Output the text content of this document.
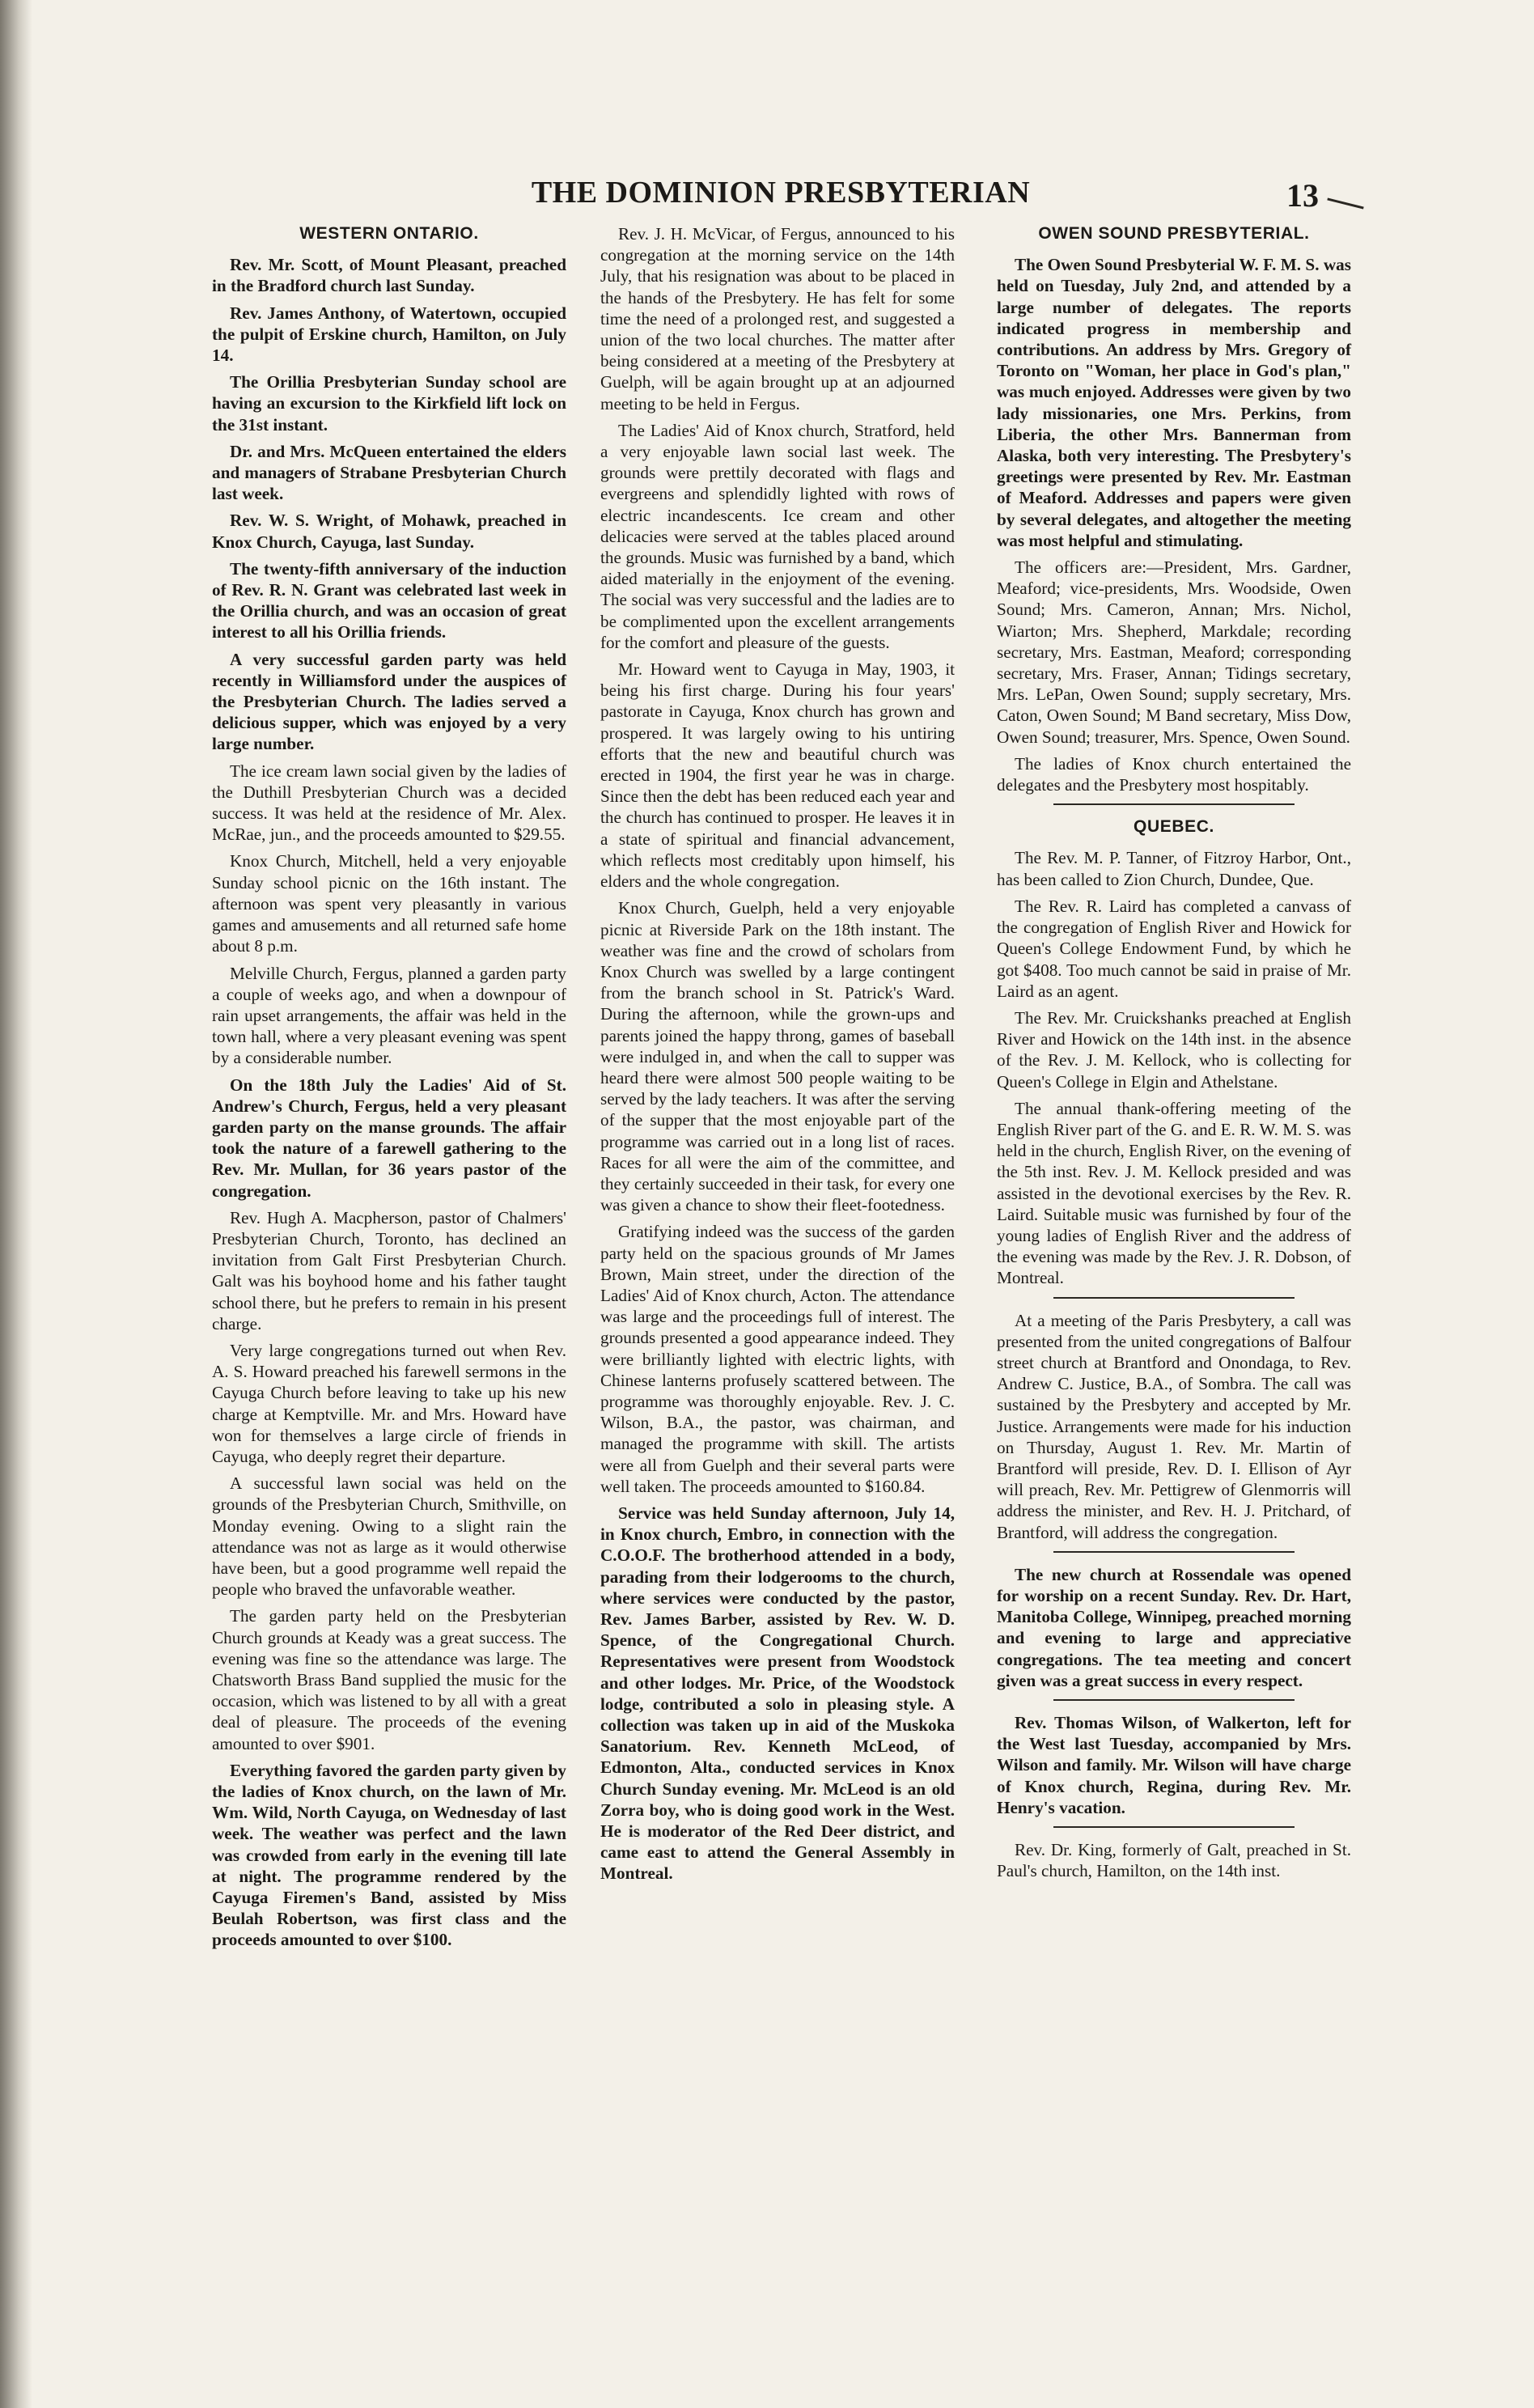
THE DOMINION PRESBYTERIAN	13
WESTERN ONTARIO.

Rev. Mr. Scott, of Mount Pleasant, preached in the Bradford church last Sunday.

Rev. James Anthony, of Watertown, occupied the pulpit of Erskine church, Hamilton, on July 14.

The Orillia Presbyterian Sunday school are having an excursion to the Kirkfield lift lock on the 31st instant.

Dr. and Mrs. McQueen entertained the elders and managers of Strabane Presbyterian Church last week.

Rev. W. S. Wright, of Mohawk, preached in Knox Church, Cayuga, last Sunday.

The twenty-fifth anniversary of the induction of Rev. R. N. Grant was celebrated last week in the Orillia church, and was an occasion of great interest to all his Orillia friends.

A very successful garden party was held recently in Williamsford under the auspices of the Presbyterian Church. The ladies served a delicious supper, which was enjoyed by a very large number.

The ice cream lawn social given by the ladies of the Duthill Presbyterian Church was a decided success. It was held at the residence of Mr. Alex. McRae, jun., and the proceeds amounted to $29.55.

Knox Church, Mitchell, held a very enjoyable Sunday school picnic on the 16th instant. The afternoon was spent very pleasantly in various games and amusements and all returned safe home about 8 p.m.

Melville Church, Fergus, planned a garden party a couple of weeks ago, and when a downpour of rain upset arrangements, the affair was held in the town hall, where a very pleasant evening was spent by a considerable number.

On the 18th July the Ladies' Aid of St. Andrew's Church, Fergus, held a very pleasant garden party on the manse grounds. The affair took the nature of a farewell gathering to the Rev. Mr. Mullan, for 36 years pastor of the congregation.

Rev. Hugh A. Macpherson, pastor of Chalmers' Presbyterian Church, Toronto, has declined an invitation from Galt First Presbyterian Church. Galt was his boyhood home and his father taught school there, but he prefers to remain in his present charge.

Very large congregations turned out when Rev. A. S. Howard preached his farewell sermons in the Cayuga Church before leaving to take up his new charge at Kemptville. Mr. and Mrs. Howard have won for themselves a large circle of friends in Cayuga, who deeply regret their departure.

A successful lawn social was held on the grounds of the Presbyterian Church, Smithville, on Monday evening. Owing to a slight rain the attendance was not as large as it would otherwise have been, but a good programme well repaid the people who braved the unfavorable weather.

The garden party held on the Presbyterian Church grounds at Keady was a great success. The evening was fine so the attendance was large. The Chatsworth Brass Band supplied the music for the occasion, which was listened to by all with a great deal of pleasure. The proceeds of the evening amounted to over $901.

Everything favored the garden party given by the ladies of Knox church, on the lawn of Mr. Wm. Wild, North Cayuga, on Wednesday of last week. The weather was perfect and the lawn was crowded from early in the evening till late at night. The programme rendered by the Cayuga Firemen's Band, assisted by Miss Beulah Robertson, was first class and the proceeds amounted to over $100.

Rev. J. H. McVicar, of Fergus, announced to his congregation at the morning service on the 14th July, that his resignation was about to be placed in the hands of the Presbytery. He has felt for some time the need of a prolonged rest, and suggested a union of the two local churches. The matter after being considered at a meeting of the Presbytery at Guelph, will be again brought up at an adjourned meeting to be held in Fergus.

The Ladies' Aid of Knox church, Stratford, held a very enjoyable lawn social last week. The grounds were prettily decorated with flags and evergreens and splendidly lighted with rows of electric incandescents. Ice cream and other delicacies were served at the tables placed around the grounds. Music was furnished by a band, which aided materially in the enjoyment of the evening. The social was very successful and the ladies are to be complimented upon the excellent arrangements for the comfort and pleasure of the guests.

Mr. Howard went to Cayuga in May, 1903, it being his first charge. During his four years' pastorate in Cayuga, Knox church has grown and prospered. It was largely owing to his untiring efforts that the new and beautiful church was erected in 1904, the first year he was in charge. Since then the debt has been reduced each year and the church has continued to prosper. He leaves it in a state of spiritual and financial advancement, which reflects most creditably upon himself, his elders and the whole congregation.

Knox Church, Guelph, held a very enjoyable picnic at Riverside Park on the 18th instant. The weather was fine and the crowd of scholars from Knox Church was swelled by a large contingent from the branch school in St. Patrick's Ward. During the afternoon, while the grown-ups and parents joined the happy throng, games of baseball were indulged in, and when the call to supper was heard there were almost 500 people waiting to be served by the lady teachers. It was after the serving of the supper that the most enjoyable part of the programme was carried out in a long list of races. Races for all were the aim of the committee, and they certainly succeeded in their task, for every one was given a chance to show their fleet-footedness.

Gratifying indeed was the success of the garden party held on the spacious grounds of Mr James Brown, Main street, under the direction of the Ladies' Aid of Knox church, Acton. The attendance was large and the proceedings full of interest. The grounds presented a good appearance indeed. They were brilliantly lighted with electric lights, with Chinese lanterns profusely scattered between. The programme was thoroughly enjoyable. Rev. J. C. Wilson, B.A., the pastor, was chairman, and managed the programme with skill. The artists were all from Guelph and their several parts were well taken. The proceeds amounted to $160.84.

Service was held Sunday afternoon, July 14, in Knox church, Embro, in connection with the C.O.O.F. The brotherhood attended in a body, parading from their lodgerooms to the church, where services were conducted by the pastor, Rev. James Barber, assisted by Rev. W. D. Spence, of the Congregational Church. Representatives were present from Woodstock and other lodges. Mr. Price, of the Woodstock lodge, contributed a solo in pleasing style. A collection was taken up in aid of the Muskoka Sanatorium. Rev. Kenneth McLeod, of Edmonton, Alta., conducted services in Knox Church Sunday evening. Mr. McLeod is an old Zorra boy, who is doing good work in the West. He is moderator of the Red Deer district, and came east to attend the General Assembly in Montreal.

OWEN SOUND PRESBYTERIAL.

The Owen Sound Presbyterial W. F. M. S. was held on Tuesday, July 2nd, and attended by a large number of delegates. The reports indicated progress in membership and contributions. An address by Mrs. Gregory of Toronto on "Woman, her place in God's plan," was much enjoyed. Addresses were given by two lady missionaries, one Mrs. Perkins, from Liberia, the other Mrs. Bannerman from Alaska, both very interesting. The Presbytery's greetings were presented by Rev. Mr. Eastman of Meaford. Addresses and papers were given by several delegates, and altogether the meeting was most helpful and stimulating.

The officers are:—President, Mrs. Gardner, Meaford; vice-presidents, Mrs. Woodside, Owen Sound; Mrs. Cameron, Annan; Mrs. Nichol, Wiarton; Mrs. Shepherd, Markdale; recording secretary, Mrs. Eastman, Meaford; corresponding secretary, Mrs. Fraser, Annan; Tidings secretary, Mrs. LePan, Owen Sound; supply secretary, Mrs. Caton, Owen Sound; M Band secretary, Miss Dow, Owen Sound; treasurer, Mrs. Spence, Owen Sound.

The ladies of Knox church entertained the delegates and the Presbytery most hospitably.

QUEBEC.

The Rev. M. P. Tanner, of Fitzroy Harbor, Ont., has been called to Zion Church, Dundee, Que.

The Rev. R. Laird has completed a canvass of the congregation of English River and Howick for Queen's College Endowment Fund, by which he got $408. Too much cannot be said in praise of Mr. Laird as an agent.

The Rev. Mr. Cruickshanks preached at English River and Howick on the 14th inst. in the absence of the Rev. J. M. Kellock, who is collecting for Queen's College in Elgin and Athelstane.

The annual thank-offering meeting of the English River part of the G. and E. R. W. M. S. was held in the church, English River, on the evening of the 5th inst. Rev. J. M. Kellock presided and was assisted in the devotional exercises by the Rev. R. Laird. Suitable music was furnished by four of the young ladies of English River and the address of the evening was made by the Rev. J. R. Dobson, of Montreal.

At a meeting of the Paris Presbytery, a call was presented from the united congregations of Balfour street church at Brantford and Onondaga, to Rev. Andrew C. Justice, B.A., of Sombra. The call was sustained by the Presbytery and accepted by Mr. Justice. Arrangements were made for his induction on Thursday, August 1. Rev. Mr. Martin of Brantford will preside, Rev. D. I. Ellison of Ayr will preach, Rev. Mr. Pettigrew of Glenmorris will address the minister, and Rev. H. J. Pritchard, of Brantford, will address the congregation.

The new church at Rossendale was opened for worship on a recent Sunday. Rev. Dr. Hart, Manitoba College, Winnipeg, preached morning and evening to large and appreciative congregations. The tea meeting and concert given was a great success in every respect.

Rev. Thomas Wilson, of Walkerton, left for the West last Tuesday, accompanied by Mrs. Wilson and family. Mr. Wilson will have charge of Knox church, Regina, during Rev. Mr. Henry's vacation.

Rev. Dr. King, formerly of Galt, preached in St. Paul's church, Hamilton, on the 14th inst.
